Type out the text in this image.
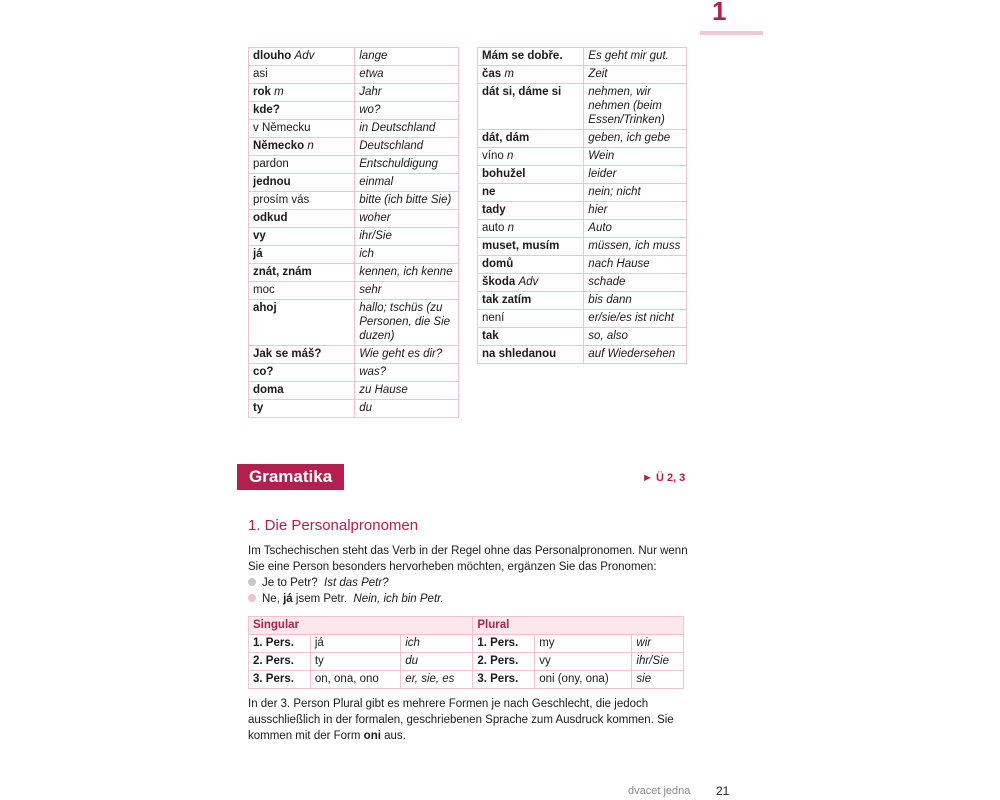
1
dlouho Adv	lange
asi	etwa
rok m	Jahr
kde?	wo?
v Německu	in Deutschland
Německo n	Deutschland
pardon	Entschuldigung
jednou	einmal
prosím vás	bitte (ich bitte Sie)
odkud	woher
vy	ihr/Sie
já	ich
znát, znám	kennen, ich kenne
moc	sehr
ahoj	hallo; tschüs (zu Personen, die Sie duzen)
Jak se máš?	Wie geht es dir?
co?	was?
doma	zu Hause
ty	du
Mám se dobře.	Es geht mir gut.
čas m	Zeit
dát si, dáme si	nehmen, wir nehmen (beim Essen/Trinken)
dát, dám	geben, ich gebe
víno n	Wein
bohužel	leider
ne	nein; nicht
tady	hier
auto n	Auto
muset, musím	müssen, ich muss
domů	nach Hause
škoda Adv	schade
tak zatím	bis dann
není	er/sie/es ist nicht
tak	so, also
na shledanou	auf Wiedersehen
Gramatika	► Ü 2, 3
1. Die Personalpronomen

Im Tschechischen steht das Verb in der Regel ohne das Personalpronomen. Nur wenn Sie eine Person besonders hervorheben möchten, ergänzen Sie das Pronomen:

Je to Petr? Ist das Petr?
Ne, já jsem Petr. Nein, ich bin Petr.
Singular			Plural		
1. Pers.	já	ich	1. Pers.	my	wir
2. Pers.	ty	du	2. Pers.	vy	ihr/Sie
3. Pers.	on, ona, ono	er, sie, es	3. Pers.	oni (ony, ona)	sie

In der 3. Person Plural gibt es mehrere Formen je nach Geschlecht, die jedoch ausschließlich in der formalen, geschriebenen Sprache zum Ausdruck kommen. Sie kommen mit der Form oni aus.

dvacet jedna 21
